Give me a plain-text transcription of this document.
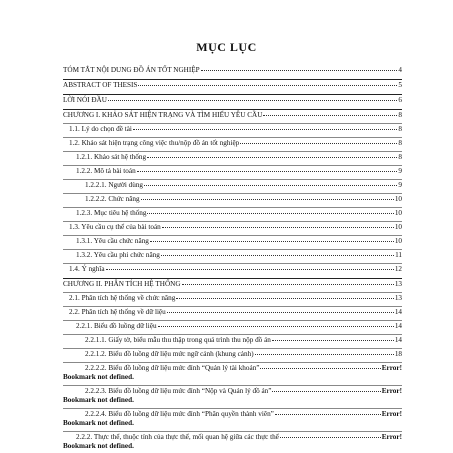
MỤC LỤC
TÓM TẮT NỘI DUNG ĐỒ ÁN TỐT NGHIỆP	4
ABSTRACT OF THESIS	5
LỜI NÓI ĐẦU	6
CHƯƠNG I. KHẢO SÁT HIỆN TRẠNG VÀ TÌM HIỂU YÊU CẦU	8
1.1. Lý do chọn đề tài	8
1.2. Khảo sát hiện trạng công việc thu/nộp đồ án tốt nghiệp	8
1.2.1. Khảo sát hệ thống	8
1.2.2. Mô tả bài toán	9
1.2.2.1. Người dùng	9
1.2.2.2. Chức năng	10
1.2.3. Mục tiêu hệ thống	10
1.3. Yêu cầu cụ thể của bài toán	10
1.3.1. Yêu cầu chức năng	10
1.3.2. Yêu cầu phi chức năng	11
1.4. Ý nghĩa	12
CHƯƠNG II. PHÂN TÍCH HỆ THỐNG	13
2.1. Phân tích hệ thống về chức năng	13
2.2. Phân tích hệ thống về dữ liệu	14
2.2.1. Biểu đồ luồng dữ liệu	14
2.2.1.1. Giấy tờ, biểu mẫu thu thập trong quá trình thu nộp đồ án	14
2.2.1.2. Biểu đồ luồng dữ liệu mức ngữ cảnh (khung cảnh)	18
2.2.2.2. Biểu đồ luồng dữ liệu mức đỉnh “Quản lý tài khoản”	Error!
Bookmark not defined.
2.2.2.3. Biểu đồ luồng dữ liệu mức đỉnh “Nộp và Quản lý đồ án”	Error!
Bookmark not defined.
2.2.2.4. Biểu đồ luồng dữ liệu mức đỉnh “Phân quyền thành viên”	Error!
Bookmark not defined.
2.2.2. Thực thể, thuộc tính của thực thể, mối quan hệ giữa các thực thể	Error!
Bookmark not defined.
